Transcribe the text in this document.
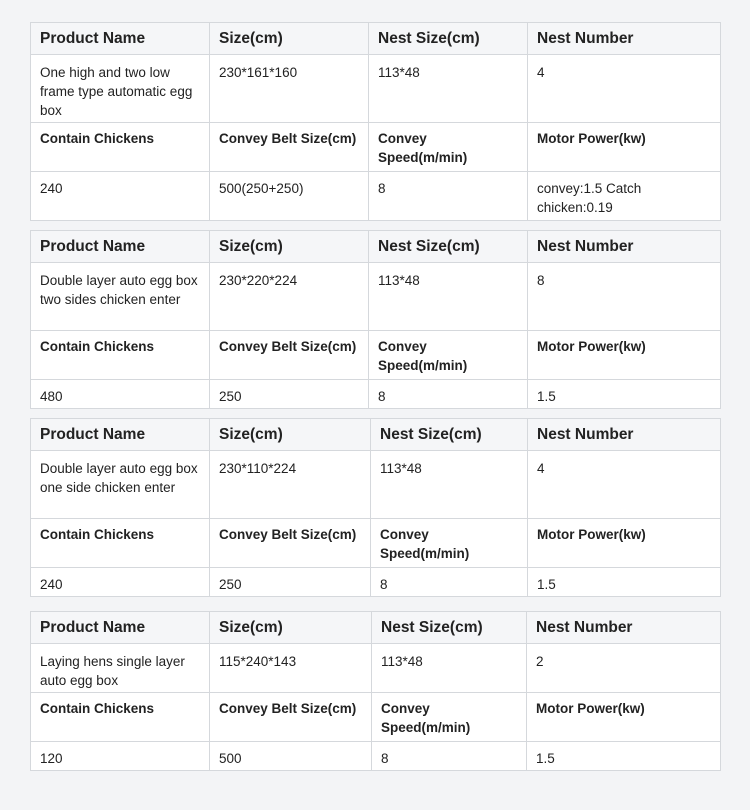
Product Name	Size(cm)	Nest Size(cm)	Nest Number
One high and two low frame type automatic egg box	230*161*160	113*48	4
Contain Chickens	Convey Belt Size(cm)	Convey Speed(m/min)	Motor Power(kw)
240	500(250+250)	8	convey:1.5 Catch chicken:0.19
Product Name	Size(cm)	Nest Size(cm)	Nest Number
Double layer auto egg box two sides chicken enter	230*220*224	113*48	8
Contain Chickens	Convey Belt Size(cm)	Convey Speed(m/min)	Motor Power(kw)
480	250	8	1.5
Product Name	Size(cm)	Nest Size(cm)	Nest Number
Double layer auto egg box one side chicken enter	230*110*224	113*48	4
Contain Chickens	Convey Belt Size(cm)	Convey Speed(m/min)	Motor Power(kw)
240	250	8	1.5
Product Name	Size(cm)	Nest Size(cm)	Nest Number
Laying hens single layer auto egg box	115*240*143	113*48	2
Contain Chickens	Convey Belt Size(cm)	Convey Speed(m/min)	Motor Power(kw)
120	500	8	1.5
